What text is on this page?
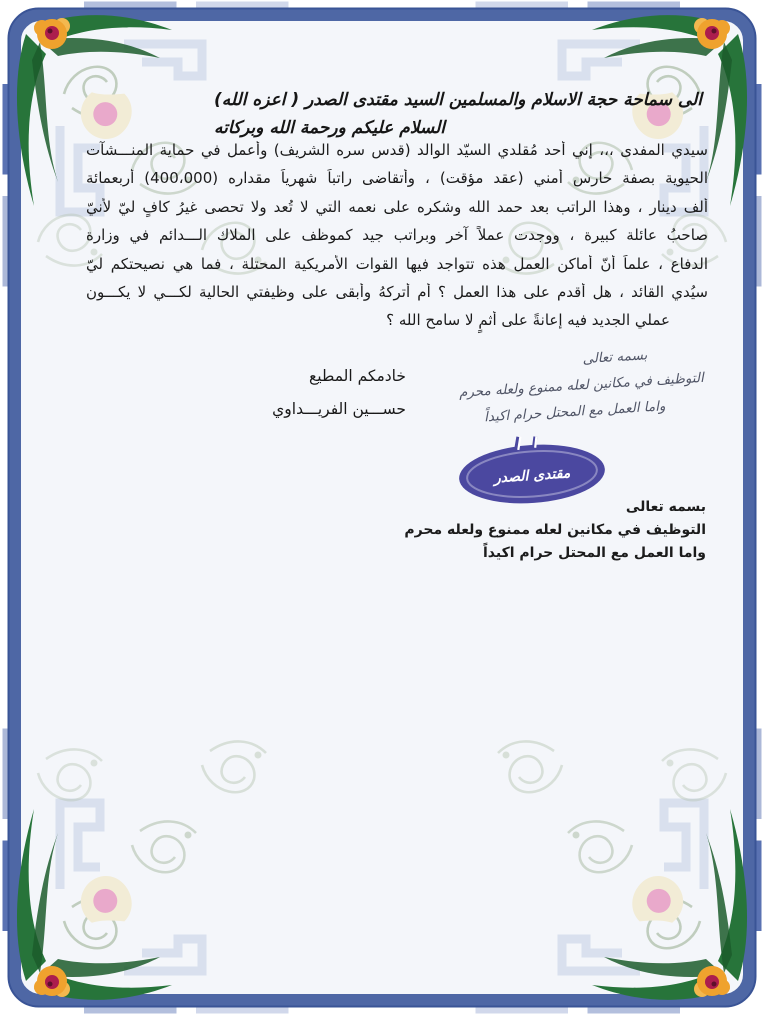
الى سماحة حجة الاسلام والمسلمين السيد مقتدى الصدر ( اعزه الله)
السلام عليكم ورحمة الله وبركاته
سيدي المفدى ،،، إني أحد مُقلدي السيّد الوالد (قدس سره الشريف) وأعمل في حماية المنـــشآت
الحيوية بصفة حارس أمني (عقد مؤقت) ، وأتقاضى راتباً شهرياً مقداره (400،000) أربعمائة
ألف دينار ، وهذا الراتب بعد حمد الله وشكره على نعمه التي لا تُعد ولا تحصى غيرُ كافٍ ليّ لأنيّ
صاحبُ عائلة كبيرة ، ووجدت عملاً آخر وبراتب جيد كموظف على الملاك الـــدائم في وزارة
الدفاع ، علماً أنّ أماكن العمل هذه تتواجد فيها القوات الأمريكية المحتلة ، فما هي نصيحتكم ليّ
سيُدي القائد ، هل أُقدم على هذا العمل ؟ أم أتركهُ وأبقى على وظيفتي الحالية لكـــي لا يكـــون
عملي الجديد فيه إعانةً على أثمٍ لا سامح الله ؟
خادمكم المطيع
حســـين الفريـــداوي
بسمه تعالى
التوظيف في مكانين لعله ممنوع ولعله محرم
واما العمل مع المحتل حرام اكيداً
مقتدى الصدر
بسمه تعالى
التوظيف في مكانين لعله ممنوع ولعله محرم
واما العمل مع المحتل حرام اكيداً
